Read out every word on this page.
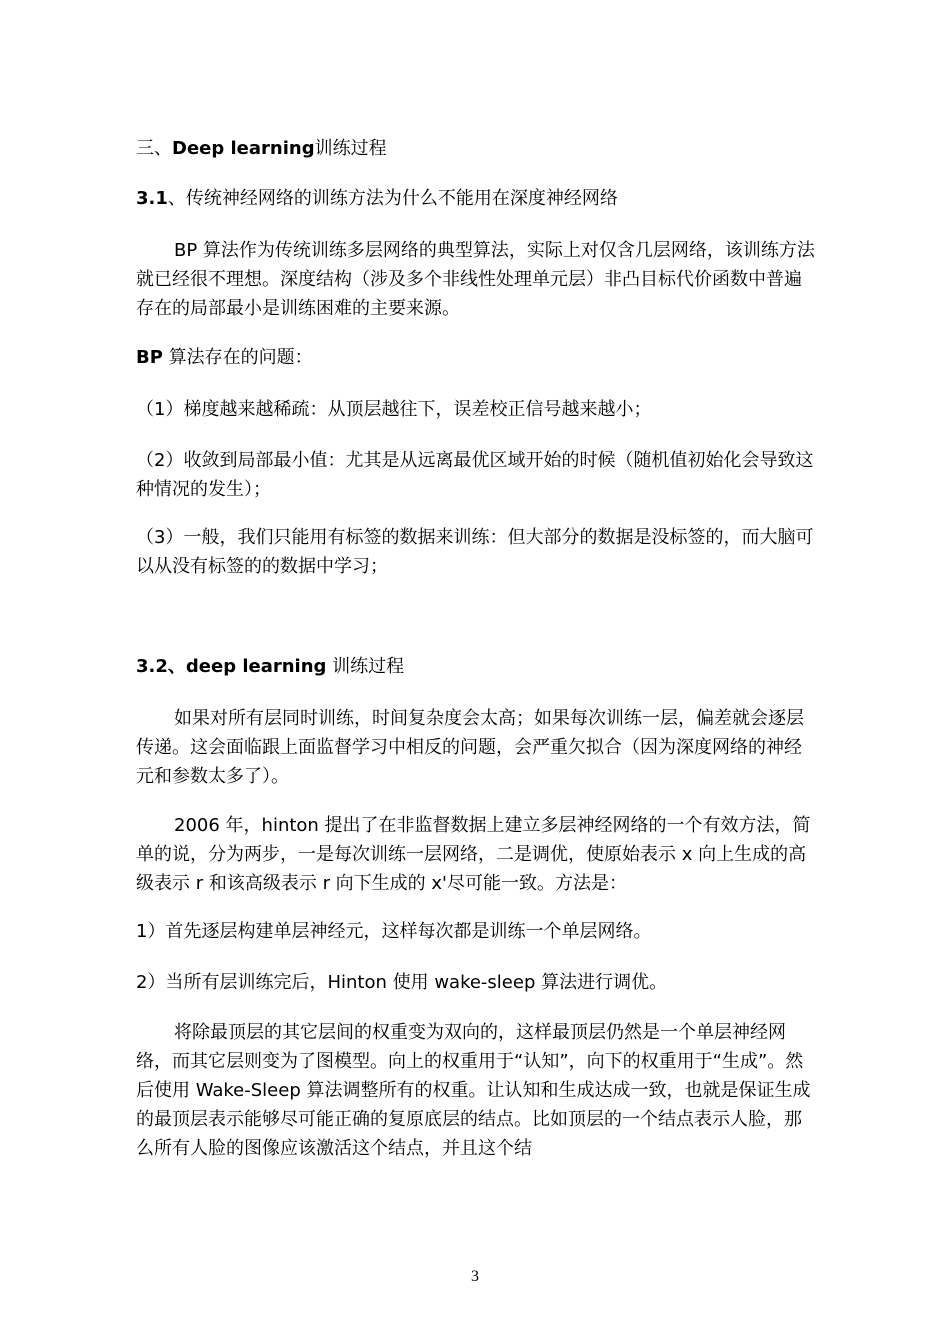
三、Deep learning训练过程

3.1、传统神经网络的训练方法为什么不能用在深度神经网络

BP 算法作为传统训练多层网络的典型算法，实际上对仅含几层网络，该训练方法就已经很不理想。深度结构（涉及多个非线性处理单元层）非凸目标代价函数中普遍存在的局部最小是训练困难的主要来源。

BP 算法存在的问题：

（1）梯度越来越稀疏：从顶层越往下，误差校正信号越来越小；

（2）收敛到局部最小值：尤其是从远离最优区域开始的时候（随机值初始化会导致这种情况的发生）；

（3）一般，我们只能用有标签的数据来训练：但大部分的数据是没标签的，而大脑可以从没有标签的的数据中学习；

3.2、deep learning 训练过程

如果对所有层同时训练，时间复杂度会太高；如果每次训练一层，偏差就会逐层传递。这会面临跟上面监督学习中相反的问题，会严重欠拟合（因为深度网络的神经元和参数太多了）。

2006 年，hinton 提出了在非监督数据上建立多层神经网络的一个有效方法，简单的说，分为两步，一是每次训练一层网络，二是调优，使原始表示 x 向上生成的高级表示 r 和该高级表示 r 向下生成的 x'尽可能一致。方法是：

1）首先逐层构建单层神经元，这样每次都是训练一个单层网络。

2）当所有层训练完后，Hinton 使用 wake-sleep 算法进行调优。

将除最顶层的其它层间的权重变为双向的，这样最顶层仍然是一个单层神经网络，而其它层则变为了图模型。向上的权重用于“认知”，向下的权重用于“生成”。然后使用 Wake-Sleep 算法调整所有的权重。让认知和生成达成一致，也就是保证生成的最顶层表示能够尽可能正确的复原底层的结点。比如顶层的一个结点表示人脸，那么所有人脸的图像应该激活这个结点，并且这个结

3
